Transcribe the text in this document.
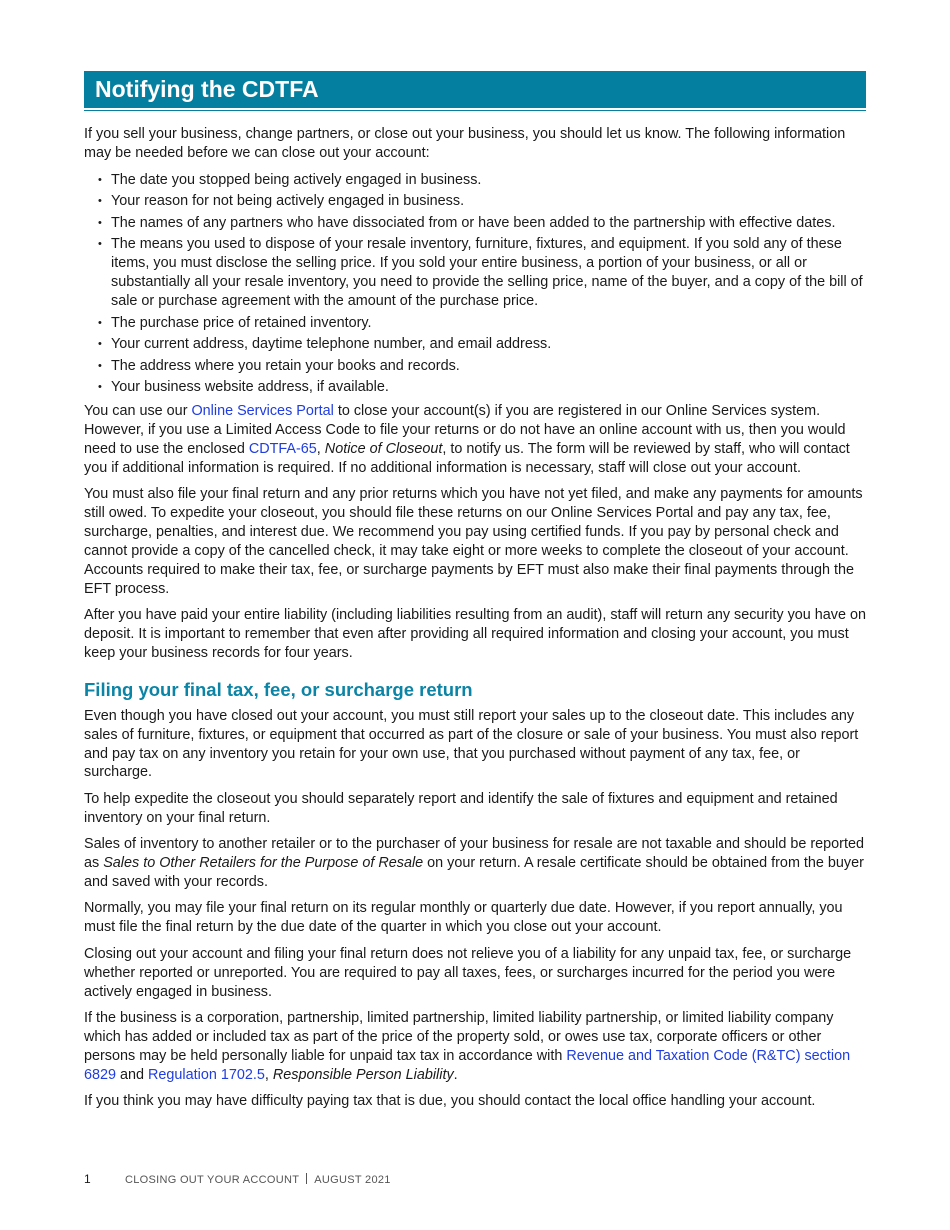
Notifying the CDTFA

If you sell your business, change partners, or close out your business, you should let us know. The following information may be needed before we can close out your account:

• The date you stopped being actively engaged in business.
• Your reason for not being actively engaged in business.
• The names of any partners who have dissociated from or have been added to the partnership with effective dates.
• The means you used to dispose of your resale inventory, furniture, fixtures, and equipment. If you sold any of these items, you must disclose the selling price. If you sold your entire business, a portion of your business, or all or substantially all your resale inventory, you need to provide the selling price, name of the buyer, and a copy of the bill of sale or purchase agreement with the amount of the purchase price.
• The purchase price of retained inventory.
• Your current address, daytime telephone number, and email address.
• The address where you retain your books and records.
• Your business website address, if available.

You can use our Online Services Portal to close your account(s) if you are registered in our Online Services system. However, if you use a Limited Access Code to file your returns or do not have an online account with us, then you would need to use the enclosed CDTFA-65, Notice of Closeout, to notify us. The form will be reviewed by staff, who will contact you if additional information is required. If no additional information is necessary, staff will close out your account.

You must also file your final return and any prior returns which you have not yet filed, and make any payments for amounts still owed. To expedite your closeout, you should file these returns on our Online Services Portal and pay any tax, fee, surcharge, penalties, and interest due. We recommend you pay using certified funds. If you pay by personal check and cannot provide a copy of the cancelled check, it may take eight or more weeks to complete the closeout of your account. Accounts required to make their tax, fee, or surcharge payments by EFT must also make their final payments through the EFT process.

After you have paid your entire liability (including liabilities resulting from an audit), staff will return any security you have on deposit. It is important to remember that even after providing all required information and closing your account, you must keep your business records for four years.

Filing your final tax, fee, or surcharge return

Even though you have closed out your account, you must still report your sales up to the closeout date. This includes any sales of furniture, fixtures, or equipment that occurred as part of the closure or sale of your business. You must also report and pay tax on any inventory you retain for your own use, that you purchased without payment of any tax, fee, or surcharge.

To help expedite the closeout you should separately report and identify the sale of fixtures and equipment and retained inventory on your final return.

Sales of inventory to another retailer or to the purchaser of your business for resale are not taxable and should be reported as Sales to Other Retailers for the Purpose of Resale on your return. A resale certificate should be obtained from the buyer and saved with your records.

Normally, you may file your final return on its regular monthly or quarterly due date. However, if you report annually, you must file the final return by the due date of the quarter in which you close out your account.

Closing out your account and filing your final return does not relieve you of a liability for any unpaid tax, fee, or surcharge whether reported or unreported. You are required to pay all taxes, fees, or surcharges incurred for the period you were actively engaged in business.

If the business is a corporation, partnership, limited partnership, limited liability partnership, or limited liability company which has added or included tax as part of the price of the property sold, or owes use tax, corporate officers or other persons may be held personally liable for unpaid tax tax in accordance with Revenue and Taxation Code (R&TC) section 6829 and Regulation 1702.5, Responsible Person Liability.

If you think you may have difficulty paying tax that is due, you should contact the local office handling your account.

1	CLOSING OUT YOUR ACCOUNT AUGUST 2021
